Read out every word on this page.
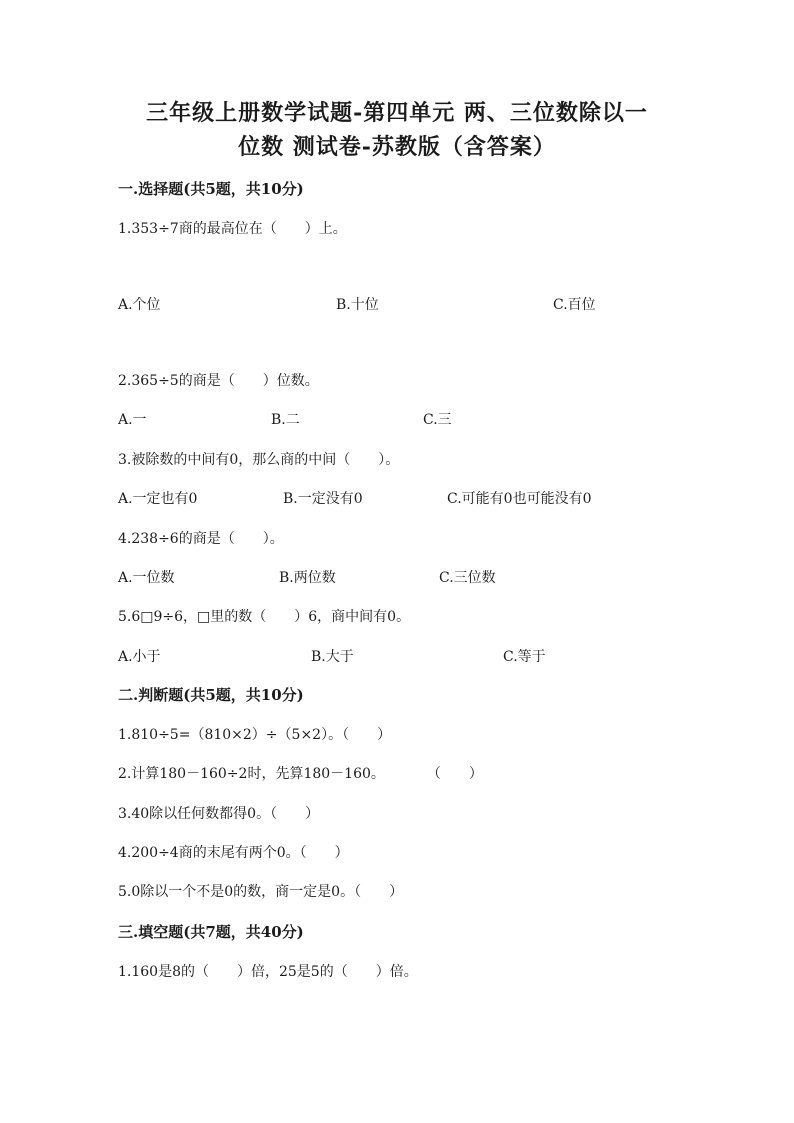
三年级上册数学试题-第四单元 两、三位数除以一
位数 测试卷-苏教版（含答案）
一.选择题(共5题，共10分)
1.353÷7商的最高位在（　　）上。
A.个位	B.十位	C.百位
2.365÷5的商是（　　）位数。
A.一	B.二	C.三
3.被除数的中间有0，那么商的中间（　　）。
A.一定也有0	B.一定没有0	C.可能有0也可能没有0
4.238÷6的商是（　　）。
A.一位数	B.两位数	C.三位数
5.6□9÷6，□里的数（　　）6，商中间有0。
A.小于	B.大于	C.等于
二.判断题(共5题，共10分)
1.810÷5=（810×2）÷（5×2）。（　　）
2.计算180－160÷2时，先算180－160。　　　　（　　）
3.40除以任何数都得0。（　　）
4.200÷4商的末尾有两个0。（　　）
5.0除以一个不是0的数，商一定是0。（　　）
三.填空题(共7题，共40分)
1.160是8的（　　）倍，25是5的（　　）倍。
